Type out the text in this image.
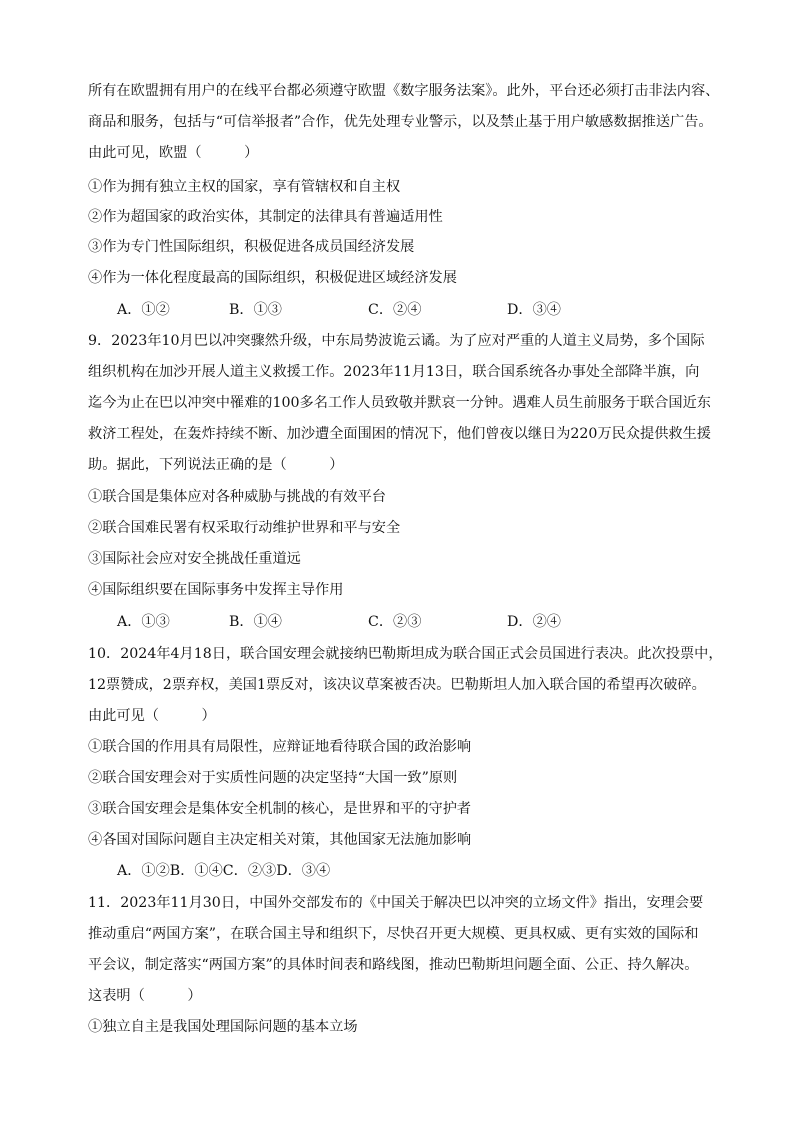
所有在欧盟拥有用户的在线平台都必须遵守欧盟《数字服务法案》。此外，平台还必须打击非法内容、
商品和服务，包括与“可信举报者”合作，优先处理专业警示，以及禁止基于用户敏感数据推送广告。
由此可见，欧盟（　　　）
①作为拥有独立主权的国家，享有管辖权和自主权
②作为超国家的政治实体，其制定的法律具有普遍适用性
③作为专门性国际组织，积极促进各成员国经济发展
④作为一体化程度最高的国际组织，积极促进区域经济发展
A．①②	B．①③	C．②④	D．③④
9．2023年10月巴以冲突骤然升级，中东局势波诡云谲。为了应对严重的人道主义局势，多个国际
组织机构在加沙开展人道主义救援工作。2023年11月13日，联合国系统各办事处全部降半旗，向
迄今为止在巴以冲突中罹难的100多名工作人员致敬并默哀一分钟。遇难人员生前服务于联合国近东
救济工程处，在轰炸持续不断、加沙遭全面围困的情况下，他们曾夜以继日为220万民众提供救生援
助。据此，下列说法正确的是（　　　）
①联合国是集体应对各种威胁与挑战的有效平台
②联合国难民署有权采取行动维护世界和平与安全
③国际社会应对安全挑战任重道远
④国际组织要在国际事务中发挥主导作用
A．①③	B．①④	C．②③	D．②④
10．2024年4月18日，联合国安理会就接纳巴勒斯坦成为联合国正式会员国进行表决。此次投票中，
12票赞成，2票弃权，美国1票反对，该决议草案被否决。巴勒斯坦人加入联合国的希望再次破碎。
由此可见（　　　）
①联合国的作用具有局限性，应辩证地看待联合国的政治影响
②联合国安理会对于实质性问题的决定坚持“大国一致”原则
③联合国安理会是集体安全机制的核心，是世界和平的守护者
④各国对国际问题自主决定相关对策，其他国家无法施加影响
A．①②B．①④C．②③D．③④
11．2023年11月30日，中国外交部发布的《中国关于解决巴以冲突的立场文件》指出，安理会要
推动重启“两国方案”，在联合国主导和组织下，尽快召开更大规模、更具权威、更有实效的国际和
平会议，制定落实“两国方案”的具体时间表和路线图，推动巴勒斯坦问题全面、公正、持久解决。
这表明（　　　）
①独立自主是我国处理国际问题的基本立场
